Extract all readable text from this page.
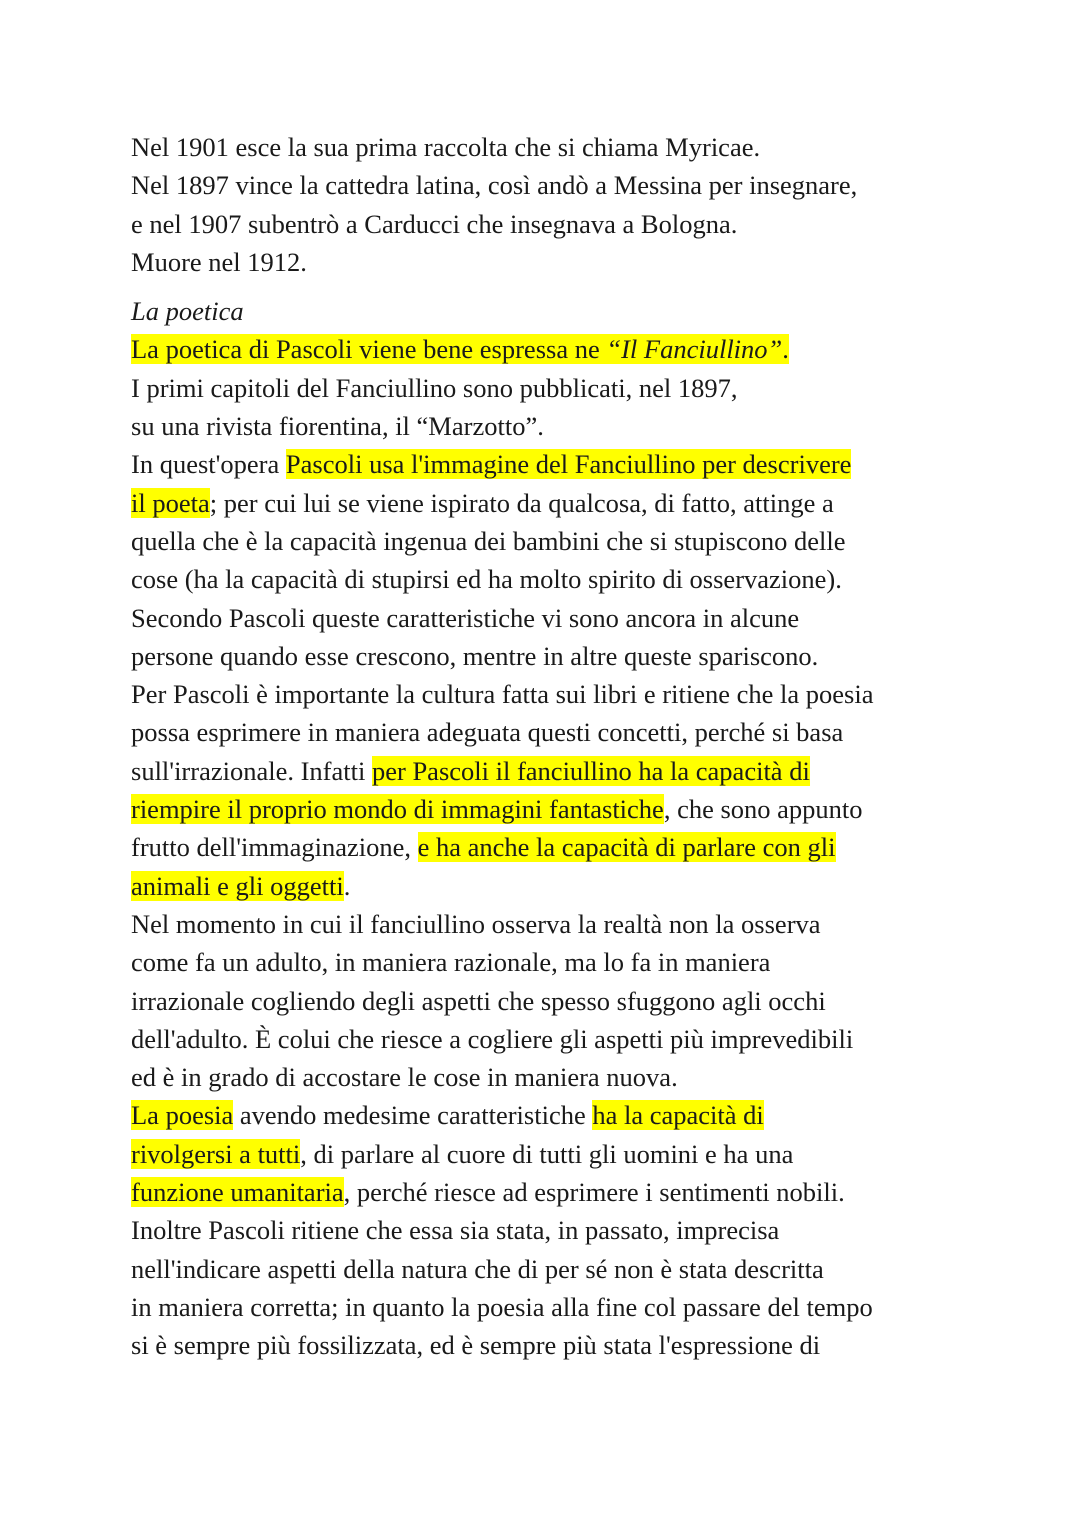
Nel 1901 esce la sua prima raccolta che si chiama Myricae.
Nel 1897 vince la cattedra latina, così andò a Messina per insegnare,
e nel 1907 subentrò a Carducci che insegnava a Bologna.
Muore nel 1912.
La poetica
La poetica di Pascoli viene bene espressa ne “Il Fanciullino”.
I primi capitoli del Fanciullino sono pubblicati, nel 1897,
su una rivista fiorentina, il “Marzotto”.
In quest'opera Pascoli usa l'immagine del Fanciullino per descrivere
il poeta; per cui lui se viene ispirato da qualcosa, di fatto, attinge a
quella che è la capacità ingenua dei bambini che si stupiscono delle
cose (ha la capacità di stupirsi ed ha molto spirito di osservazione).
Secondo Pascoli queste caratteristiche vi sono ancora in alcune
persone quando esse crescono, mentre in altre queste spariscono.
Per Pascoli è importante la cultura fatta sui libri e ritiene che la poesia
possa esprimere in maniera adeguata questi concetti, perché si basa
sull'irrazionale. Infatti per Pascoli il fanciullino ha la capacità di
riempire il proprio mondo di immagini fantastiche, che sono appunto
frutto dell'immaginazione, e ha anche la capacità di parlare con gli
animali e gli oggetti.
Nel momento in cui il fanciullino osserva la realtà non la osserva
come fa un adulto, in maniera razionale, ma lo fa in maniera
irrazionale cogliendo degli aspetti che spesso sfuggono agli occhi
dell'adulto. È colui che riesce a cogliere gli aspetti più imprevedibili
ed è in grado di accostare le cose in maniera nuova.
La poesia avendo medesime caratteristiche ha la capacità di
rivolgersi a tutti, di parlare al cuore di tutti gli uomini e ha una
funzione umanitaria, perché riesce ad esprimere i sentimenti nobili.
Inoltre Pascoli ritiene che essa sia stata, in passato, imprecisa
nell'indicare aspetti della natura che di per sé non è stata descritta
in maniera corretta; in quanto la poesia alla fine col passare del tempo
si è sempre più fossilizzata, ed è sempre più stata l'espressione di
